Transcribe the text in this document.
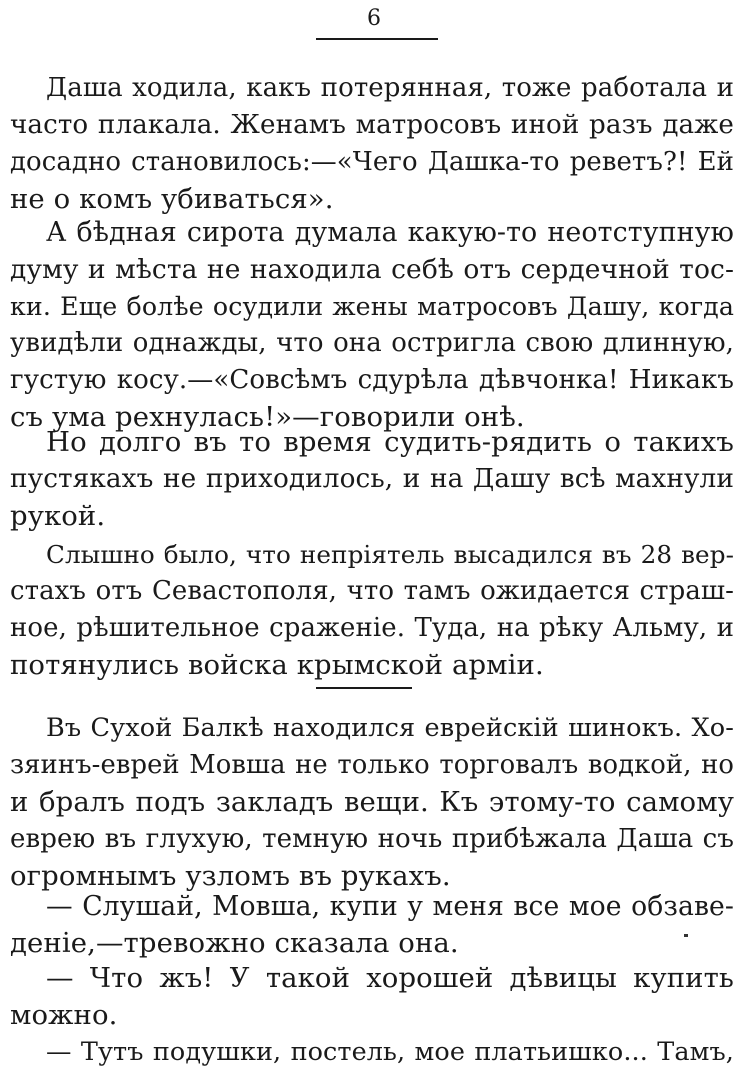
6
Даша ходила, какъ потерянная, тоже работала и
часто плакала. Женамъ матросовъ иной разъ даже
досадно становилось:—«Чего Дашка-то реветъ?! Ей
не о комъ убиваться».
А бѣдная сирота думала какую-то неотступную
думу и мѣста не находила себѣ отъ сердечной тос-
ки. Еще болѣе осудили жены матросовъ Дашу, когда
увидѣли однажды, что она остригла свою длинную,
густую косу.—«Совсѣмъ сдурѣла дѣвчонка! Никакъ
съ ума рехнулась!»—говорили онѣ.
Но долго въ то время судить-рядить о такихъ
пустякахъ не приходилось, и на Дашу всѣ махнули
рукой.
Слышно было, что непріятель высадился въ 28 вер-
стахъ отъ Севастополя, что тамъ ожидается страш-
ное, рѣшительное сраженіе. Туда, на рѣку Альму, и
потянулись войска крымской арміи.
Въ Сухой Балкѣ находился еврейскій шинокъ. Хо-
зяинъ-еврей Мовша не только торговалъ водкой, но
и бралъ подъ закладъ вещи. Къ этому-то самому
еврею въ глухую, темную ночь прибѣжала Даша съ
огромнымъ узломъ въ рукахъ.
— Слушай, Мовша, купи у меня все мое обзаве-
деніе,—тревожно сказала она.
— Что жъ! У такой хорошей дѣвицы купить
можно.
— Тутъ подушки, постель, мое платьишко... Тамъ,
